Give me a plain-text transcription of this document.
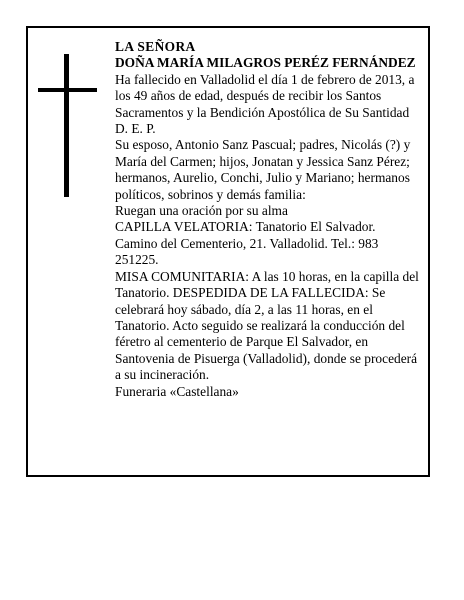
LA SEÑORA

DOÑA MARÍA MILAGROS PERÉZ FERNÁNDEZ

Ha fallecido en Valladolid el día 1 de febrero de 2013, a los 49 años de edad, después de recibir los Santos Sacramentos y la Bendición Apostólica de Su Santidad

D. E. P.

Su esposo, Antonio Sanz Pascual; padres, Nicolás (?) y María del Carmen; hijos, Jonatan y Jessica Sanz Pérez; hermanos, Aurelio, Conchi, Julio y Mariano; hermanos políticos, sobrinos y demás familia:

Ruegan una oración por su alma

CAPILLA VELATORIA: Tanatorio El Salvador. Camino del Cementerio, 21. Valladolid. Tel.: 983 251225.

MISA COMUNITARIA: A las 10 horas, en la capilla del Tanatorio. DESPEDIDA DE LA FALLECIDA: Se celebrará hoy sábado, día 2, a las 11 horas, en el Tanatorio. Acto seguido se realizará la conducción del féretro al cementerio de Parque El Salvador, en Santovenia de Pisuerga (Valladolid), donde se procederá a su incineración.

Funeraria «Castellana»
